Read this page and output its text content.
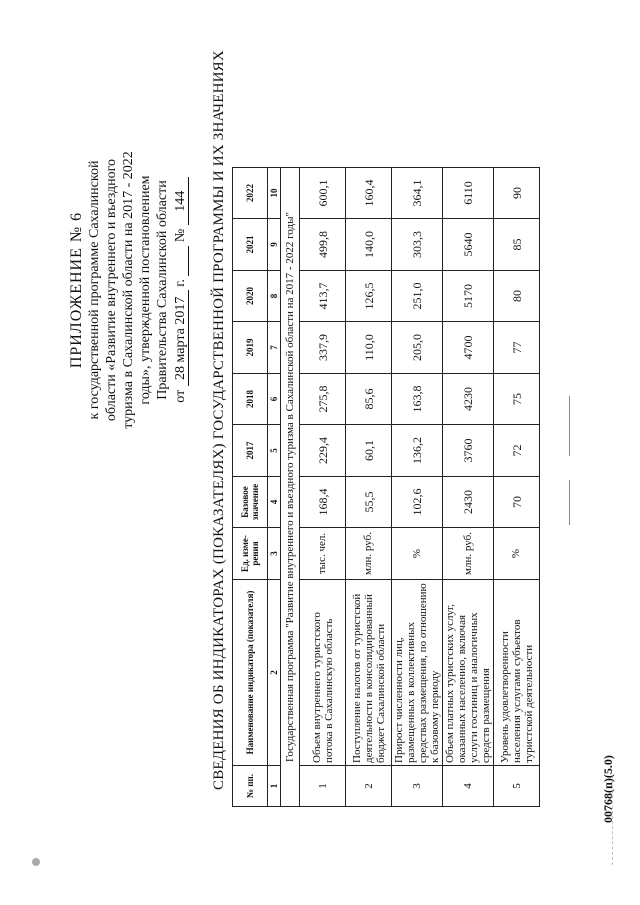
ПРИЛОЖЕНИЕ № 6 к государственной программе Сахалинской области «Развитие внутреннего и въездного туризма в Сахалинской области на 2017 - 2022 годы», утвержденной постановлением Правительства Сахалинской области от 28 марта 2017 г.   № 144 СВЕДЕНИЯ ОБ ИНДИКАТОРАХ (ПОКАЗАТЕЛЯХ) ГОСУДАРСТВЕННОЙ ПРОГРАММЫ И ИХ ЗНАЧЕНИЯХ № пп.	Наименование индикатора (показателя)	Ед. изме-рения	Базовое значение	2017	2018	2019	2020	2021	2022
1	2	3	4	5	6	7	8	9	10
Государственная программа "Развитие внутреннего и въездного туризма в Сахалинской области на 2017 - 2022 годы"									
1	Объем внутреннего туристского потока в Сахалинскую область	тыс. чел.	168,4	229,4	275,8	337,9	413,7	499,8	600,1
2	Поступление налогов от туристской деятельности в консолидированный бюджет Сахалинской области	млн. руб.	55,5	60,1	85,6	110,0	126,5	140,0	160,4
3	Прирост численности лиц, размещенных в коллективных средствах размещения, по отношению к базовому периоду	%	102,6	136,2	163,8	205,0	251,0	303,3	364,1
4	Объем платных туристских услуг, оказанных населению, включая услуги гостиниц и аналогичных средств размещения	млн. руб.	2430	3760	4230	4700	5170	5640	6110
5	Уровень удовлетворенности населения услугами субъектов туристской деятельности	%	70	72	75	77	80	85	90
00768(п)(5.0)
